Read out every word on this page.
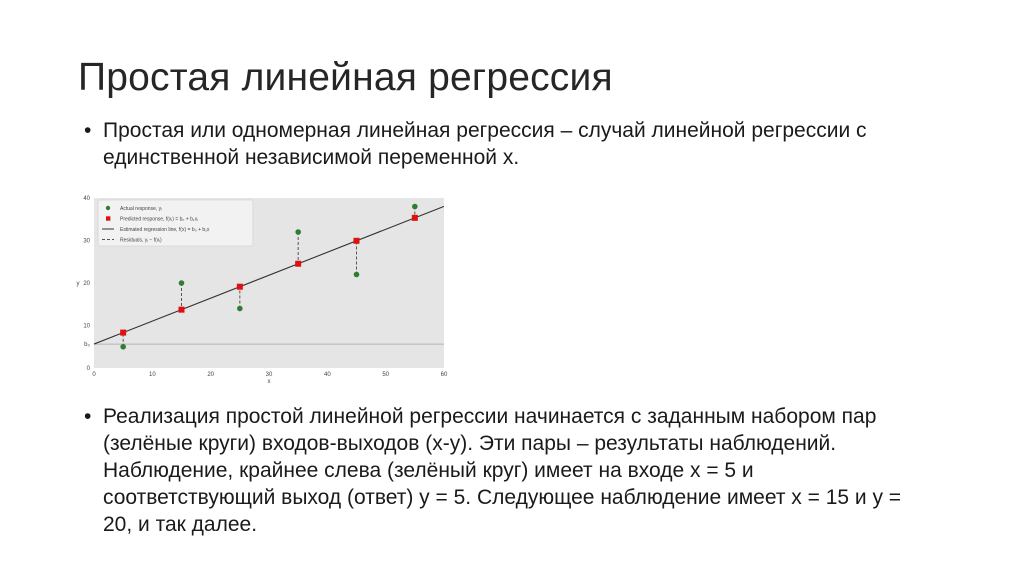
Простая линейная регрессия
• Простая или одномерная линейная регрессия – случай линейной регрессии с единственной независимой переменной x.
0	10	20	30	40	50	60
0
10
20
30
40
b₀
x
y
Actual response, yᵢ
Predicted response, f(xᵢ) = b₀ + b₁xᵢ
Estimated regression line, f(x) = b₀ + b₁x
Residuals, yᵢ − f(xᵢ)
• Реализация простой линейной регрессии начинается с заданным набором пар (зелёные круги) входов-выходов (x-y). Эти пары – результаты наблюдений. Наблюдение, крайнее слева (зелёный круг) имеет на входе x = 5 и соответствующий выход (ответ) y = 5. Следующее наблюдение имеет x = 15 и y = 20, и так далее.
